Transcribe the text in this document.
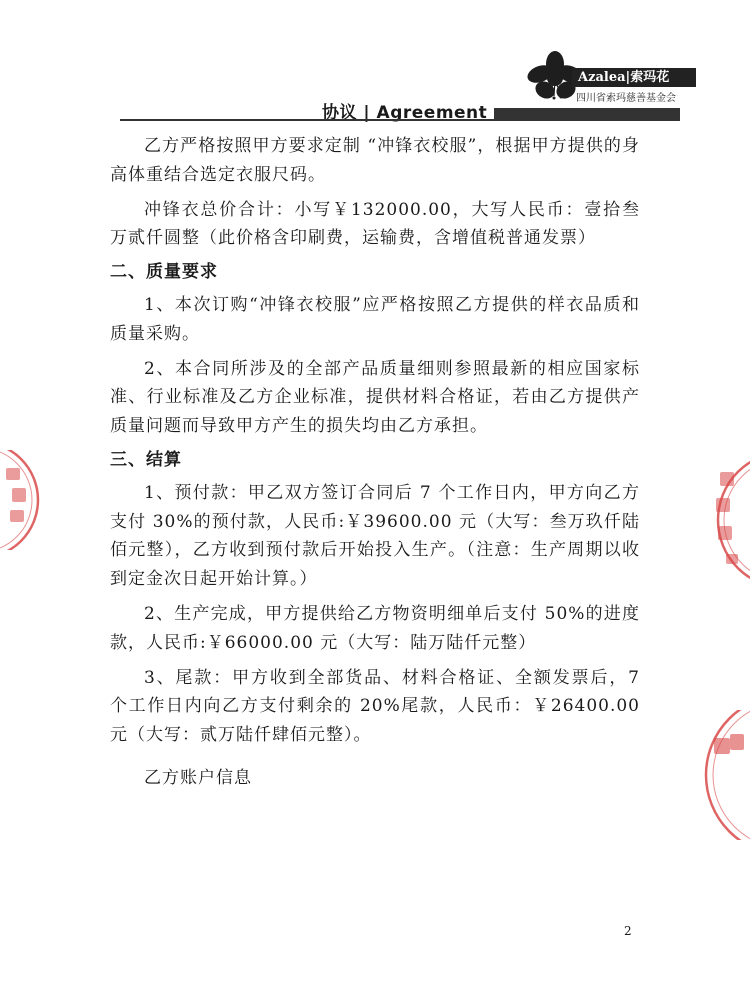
Azalea|索玛花
四川省索玛慈善基金会
协议 | Agreement

乙方严格按照甲方要求定制 “冲锋衣校服”，根据甲方提供的身高体重结合选定衣服尺码。

冲锋衣总价合计：小写￥132000.00，大写人民币：壹拾叁万贰仟圆整（此价格含印刷费，运输费，含增值税普通发票）

二、质量要求

1、本次订购“冲锋衣校服”应严格按照乙方提供的样衣品质和质量采购。

2、本合同所涉及的全部产品质量细则参照最新的相应国家标准、行业标准及乙方企业标准，提供材料合格证，若由乙方提供产质量问题而导致甲方产生的损失均由乙方承担。

三、结算

1、预付款：甲乙双方签订合同后 7 个工作日内，甲方向乙方支付 30%的预付款，人民币:￥39600.00 元（大写：叁万玖仟陆佰元整），乙方收到预付款后开始投入生产。（注意：生产周期以收到定金次日起开始计算。）

2、生产完成，甲方提供给乙方物资明细单后支付 50%的进度款，人民币:￥66000.00 元（大写：陆万陆仟元整）

3、尾款：甲方收到全部货品、材料合格证、全额发票后，7 个工作日内向乙方支付剩余的 20%尾款，人民币：￥26400.00 元（大写：贰万陆仟肆佰元整）。

乙方账户信息

2
